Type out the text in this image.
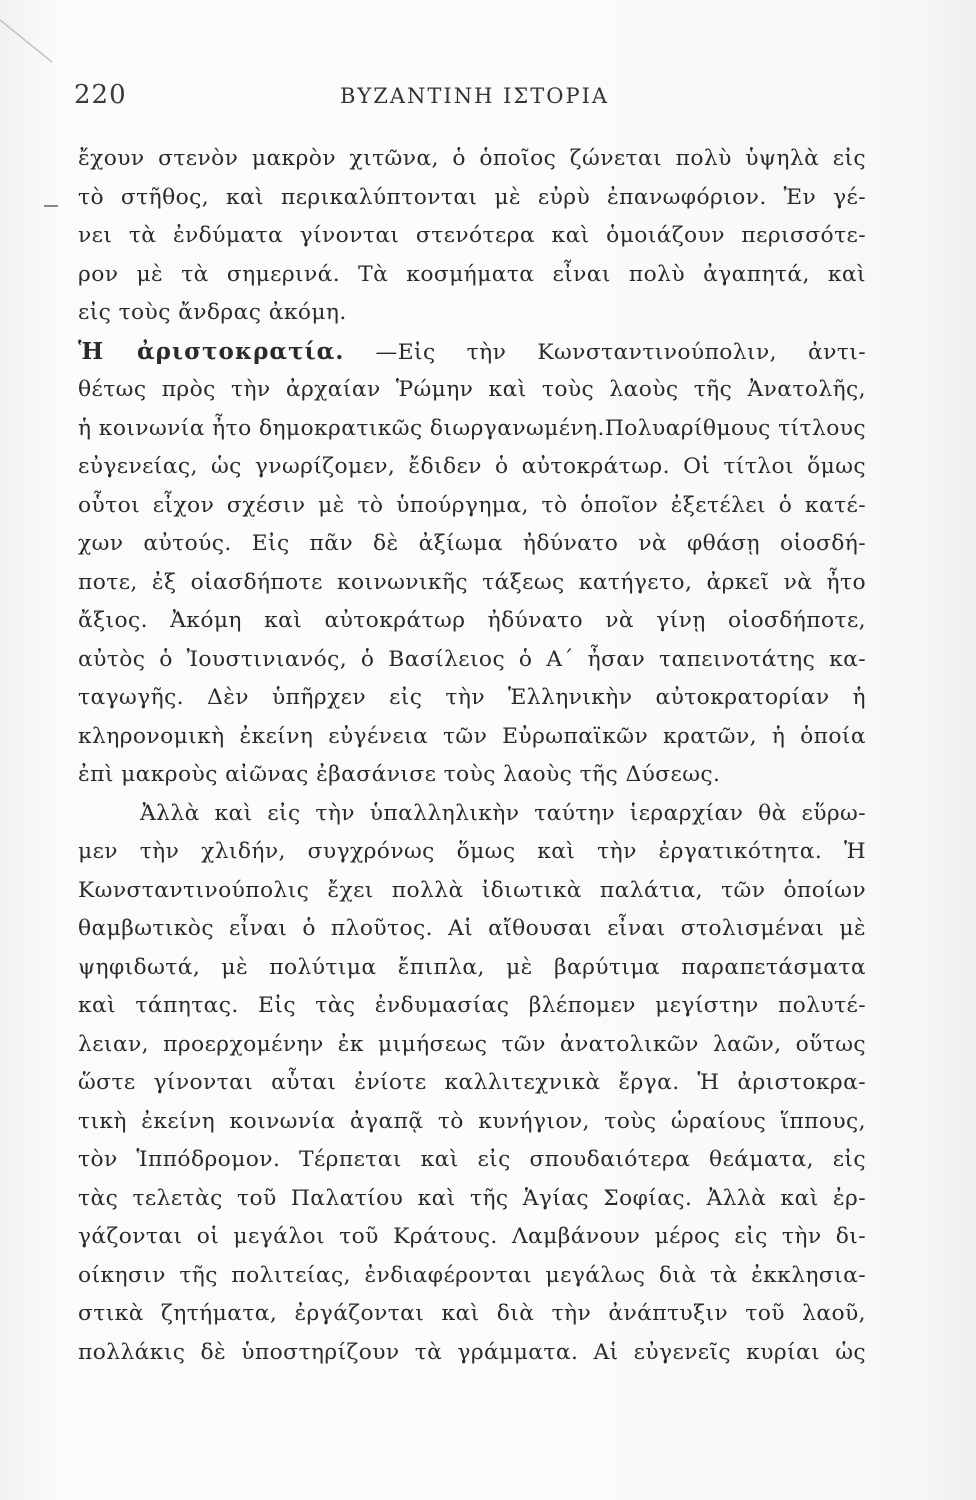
220	ΒΥΖΑΝΤΙΝΗ ΙΣΤΟΡΙΑ
ἔχουν στενὸν μακρὸν χιτῶνα, ὁ ὁποῖος ζώνεται πολὺ ὑψηλὰ εἰς
τὸ στῆθος, καὶ περικαλύπτονται μὲ εὐρὺ ἐπανωφόριον. Ἐν γέ-
νει τὰ ἐνδύματα γίνονται στενότερα καὶ ὁμοιάζουν περισσότε-
ρον μὲ τὰ σημερινά. Τὰ κοσμήματα εἶναι πολὺ ἀγαπητά, καὶ
εἰς τοὺς ἄνδρας ἀκόμη.
Ἡ ἀριστοκρατία. —Εἰς τὴν Κωνσταντινούπολιν, ἀντι-
θέτως πρὸς τὴν ἀρχαίαν Ῥώμην καὶ τοὺς λαοὺς τῆς Ἀνατολῆς,
ἡ κοινωνία ἦτο δημοκρατικῶς διωργανωμένη.Πολυαρίθμους τίτλους
εὐγενείας, ὡς γνωρίζομεν, ἔδιδεν ὁ αὐτοκράτωρ. Οἱ τίτλοι ὅμως
οὗτοι εἶχον σχέσιν μὲ τὸ ὑπούργημα, τὸ ὁποῖον ἐξετέλει ὁ κατέ-
χων αὐτούς. Εἰς πᾶν δὲ ἀξίωμα ἠδύνατο νὰ φθάσῃ οἱοσδή-
ποτε, ἐξ οἱασδήποτε κοινωνικῆς τάξεως κατήγετο, ἀρκεῖ νὰ ἦτο
ἄξιος. Ἀκόμη καὶ αὐτοκράτωρ ἠδύνατο νὰ γίνῃ οἱοσδήποτε,
αὐτὸς ὁ Ἰουστινιανός, ὁ Βασίλειος ὁ Α΄ ἦσαν ταπεινοτάτης κα-
ταγωγῆς. Δὲν ὑπῆρχεν εἰς τὴν Ἑλληνικὴν αὐτοκρατορίαν ἡ
κληρονομικὴ ἐκείνη εὐγένεια τῶν Εὐρωπαϊκῶν κρατῶν, ἡ ὁποία
ἐπὶ μακροὺς αἰῶνας ἐβασάνισε τοὺς λαοὺς τῆς Δύσεως.
Ἀλλὰ καὶ εἰς τὴν ὑπαλληλικὴν ταύτην ἱεραρχίαν θὰ εὕρω-
μεν τὴν χλιδήν, συγχρόνως ὅμως καὶ τὴν ἐργατικότητα. Ἡ
Κωνσταντινούπολις ἔχει πολλὰ ἰδιωτικὰ παλάτια, τῶν ὁποίων
θαμβωτικὸς εἶναι ὁ πλοῦτος. Αἱ αἴθουσαι εἶναι στολισμέναι μὲ
ψηφιδωτά, μὲ πολύτιμα ἔπιπλα, μὲ βαρύτιμα παραπετάσματα
καὶ τάπητας. Εἰς τὰς ἐνδυμασίας βλέπομεν μεγίστην πολυτέ-
λειαν, προερχομένην ἐκ μιμήσεως τῶν ἀνατολικῶν λαῶν, οὕτως
ὥστε γίνονται αὗται ἐνίοτε καλλιτεχνικὰ ἔργα. Ἡ ἀριστοκρα-
τικὴ ἐκείνη κοινωνία ἀγαπᾷ τὸ κυνήγιον, τοὺς ὡραίους ἵππους,
τὸν Ἱππόδρομον. Τέρπεται καὶ εἰς σπουδαιότερα θεάματα, εἰς
τὰς τελετὰς τοῦ Παλατίου καὶ τῆς Ἁγίας Σοφίας. Ἀλλὰ καὶ ἐρ-
γάζονται οἱ μεγάλοι τοῦ Κράτους. Λαμβάνουν μέρος εἰς τὴν δι-
οίκησιν τῆς πολιτείας, ἐνδιαφέρονται μεγάλως διὰ τὰ ἐκκλησια-
στικὰ ζητήματα, ἐργάζονται καὶ διὰ τὴν ἀνάπτυξιν τοῦ λαοῦ,
πολλάκις δὲ ὑποστηρίζουν τὰ γράμματα. Αἱ εὐγενεῖς κυρίαι ὡς
